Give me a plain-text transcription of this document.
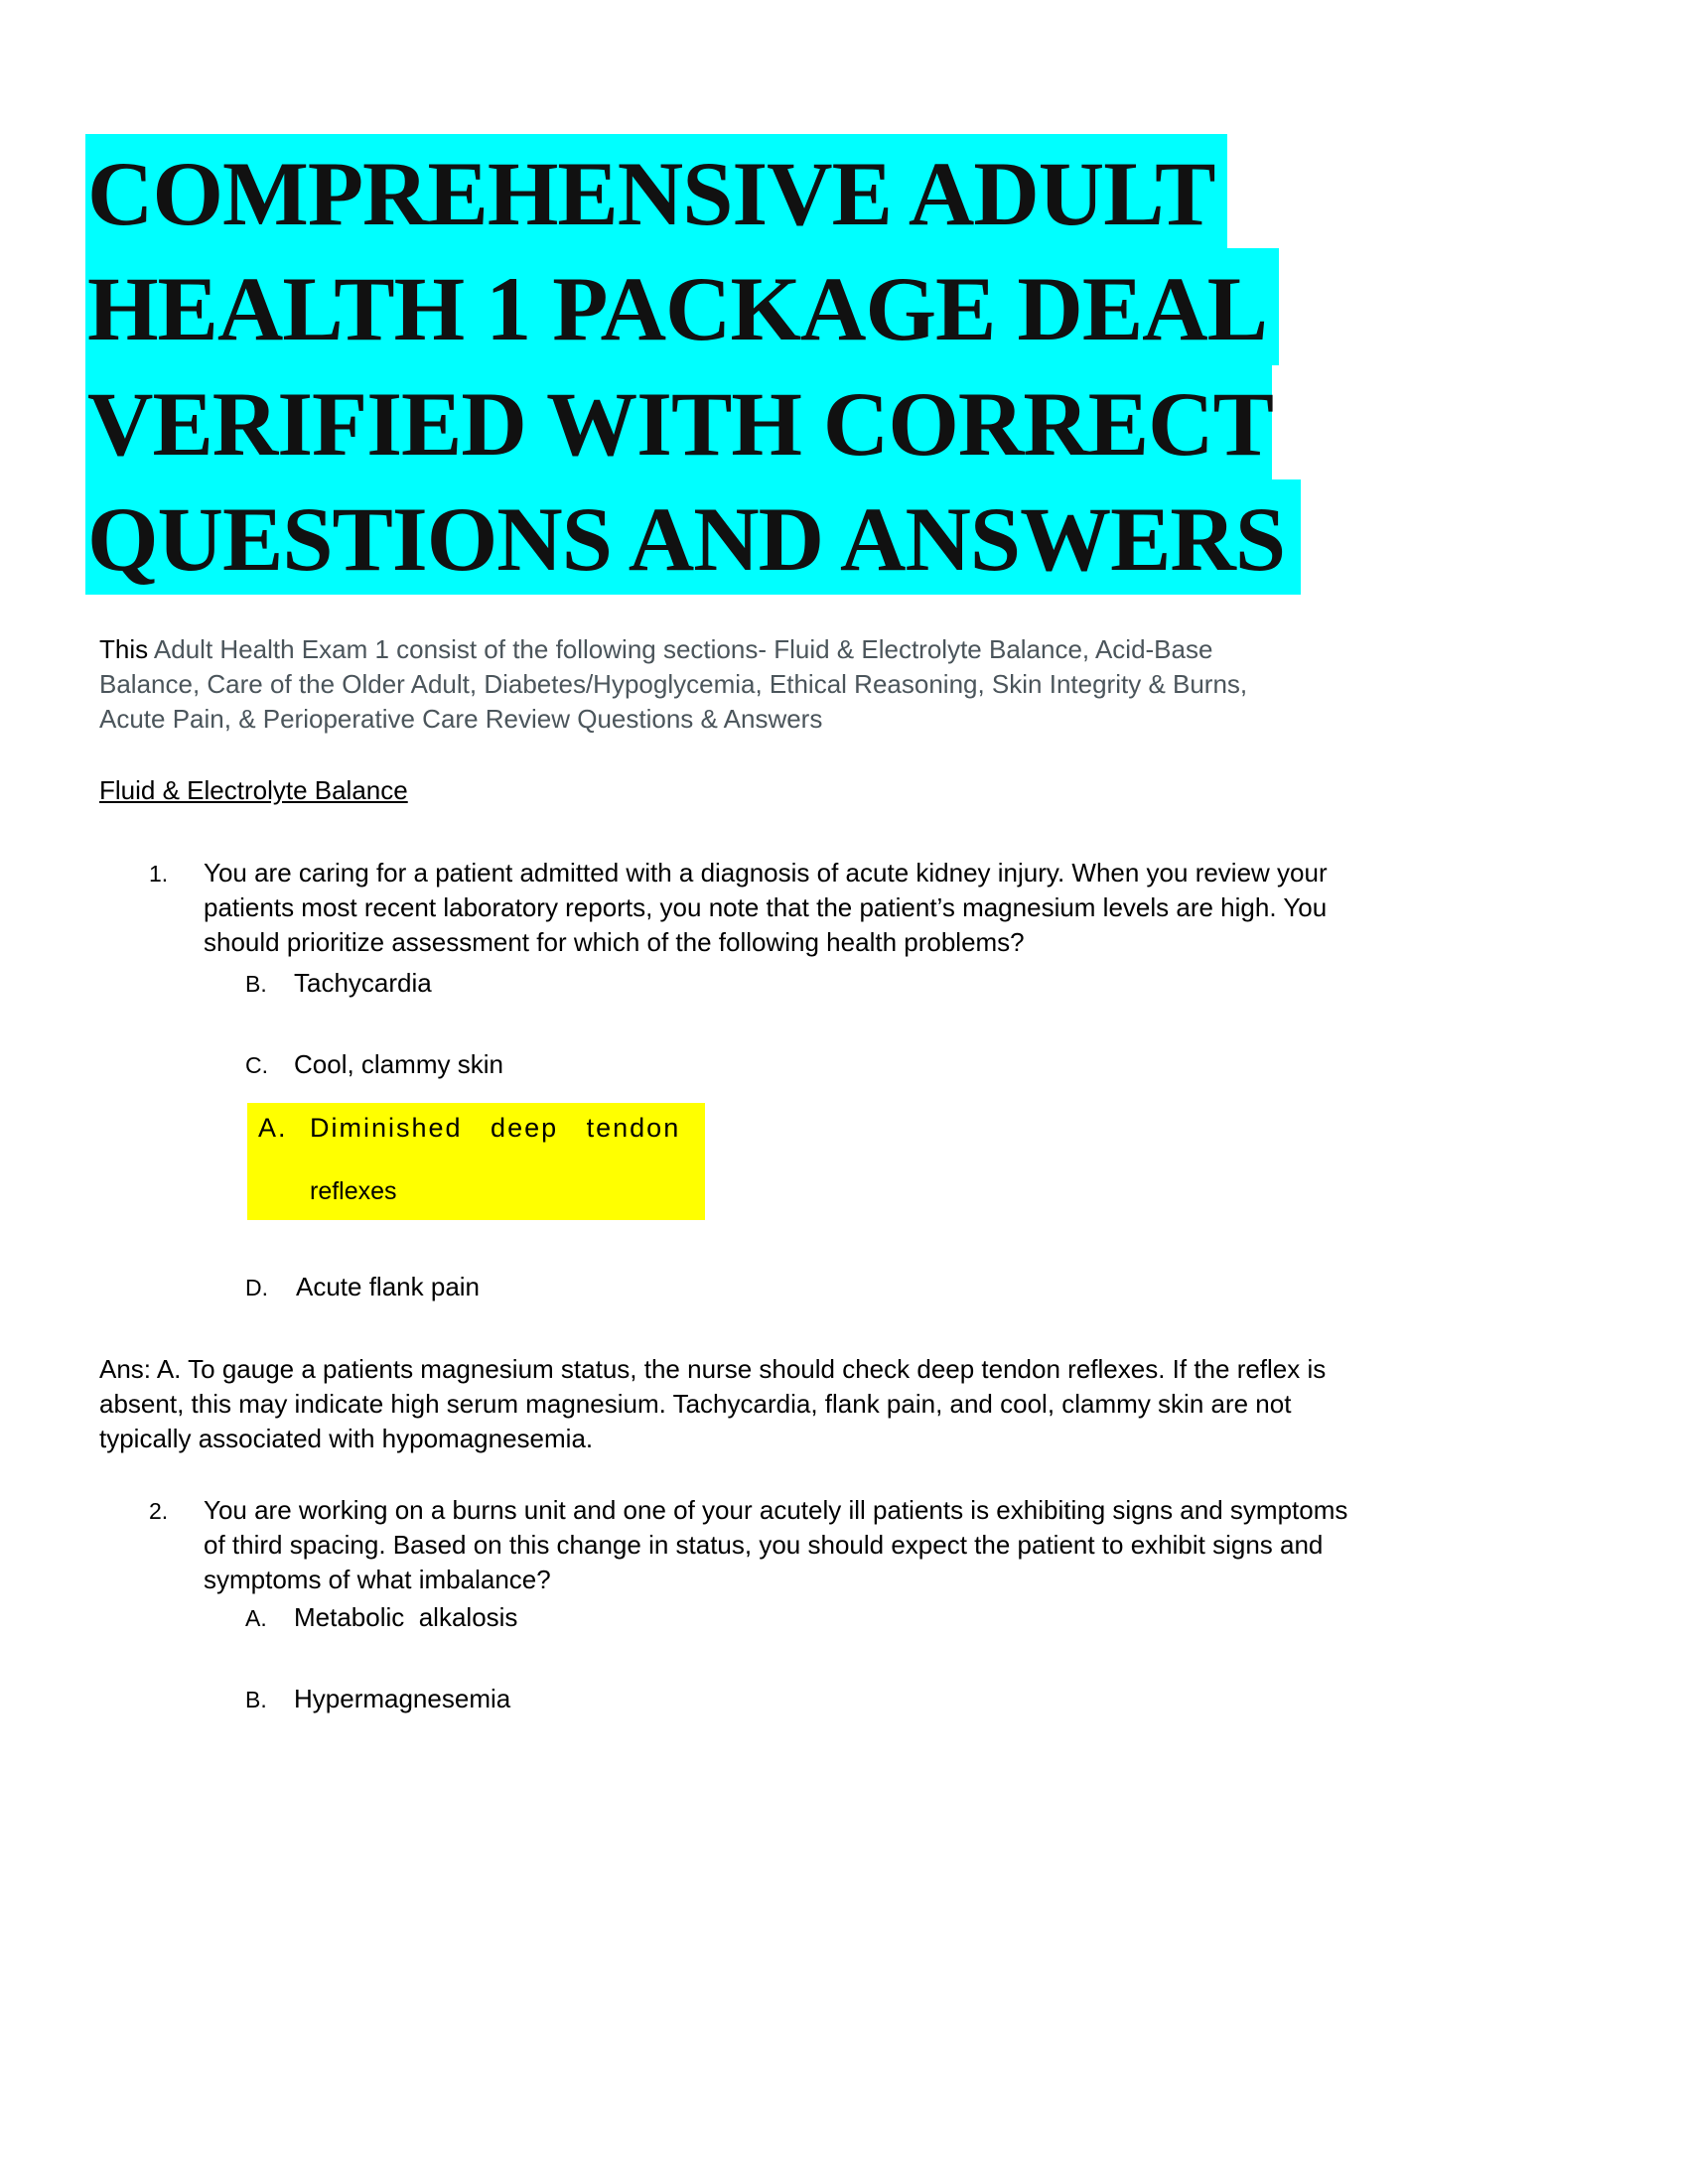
COMPREHENSIVE ADULT
HEALTH 1 PACKAGE DEAL
VERIFIED WITH CORRECT
QUESTIONS AND ANSWERS
This Adult Health Exam 1 consist of the following sections- Fluid & Electrolyte Balance, Acid-Base
Balance, Care of the Older Adult, Diabetes/Hypoglycemia, Ethical Reasoning, Skin Integrity & Burns,
Acute Pain, & Perioperative Care Review Questions & Answers
Fluid & Electrolyte Balance
1. You are caring for a patient admitted with a diagnosis of acute kidney injury. When you review your
patients most recent laboratory reports, you note that the patient’s magnesium levels are high. You
should prioritize assessment for which of the following health problems?
B. Tachycardia
C. Cool, clammy skin
A. Diminished   deep   tendon
reflexes
D. Acute flank pain
Ans: A. To gauge a patients magnesium status, the nurse should check deep tendon reflexes. If the reflex is
absent, this may indicate high serum magnesium. Tachycardia, flank pain, and cool, clammy skin are not
typically associated with hypomagnesemia.
2. You are working on a burns unit and one of your acutely ill patients is exhibiting signs and symptoms
of third spacing. Based on this change in status, you should expect the patient to exhibit signs and
symptoms of what imbalance?
A. Metabolic  alkalosis
B. Hypermagnesemia
